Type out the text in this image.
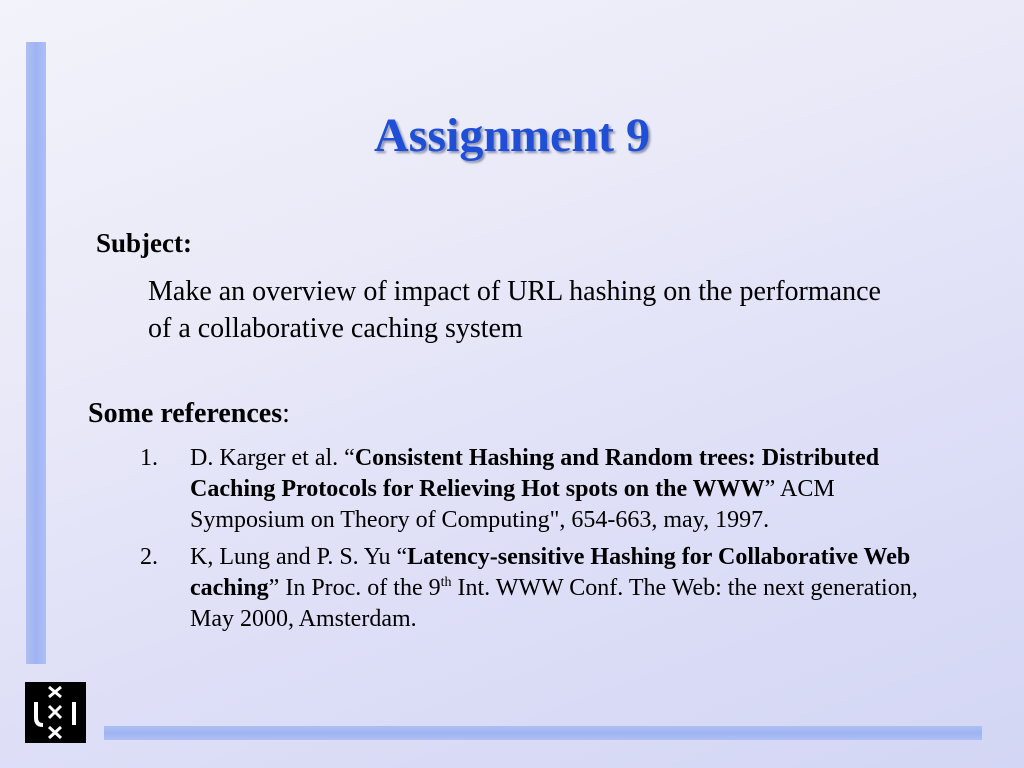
Assignment 9

Subject:

Make an overview of impact of URL hashing on the performance of a collaborative caching system

Some references:

1. D. Karger et al. “Consistent Hashing and Random trees: Distributed Caching Protocols for Relieving Hot spots on the WWW” ACM Symposium on Theory of Computing", 654-663, may, 1997.
2. K, Lung and P. S. Yu “Latency-sensitive Hashing for Collaborative Web caching” In Proc. of the 9th Int. WWW Conf. The Web: the next generation, May 2000, Amsterdam.
